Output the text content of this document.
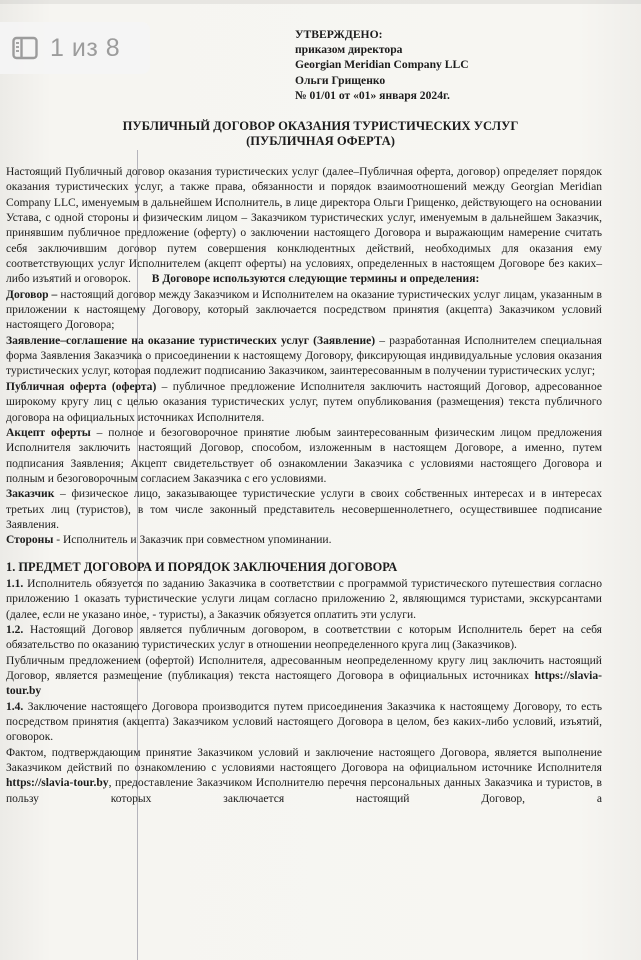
УТВЕРЖДЕНО:
приказом директора
Georgian Meridian Company LLC
Ольги Грищенко
№ 01/01 от «01» января 2024г.
ПУБЛИЧНЫЙ ДОГОВОР ОКАЗАНИЯ ТУРИСТИЧЕСКИХ УСЛУГ
(ПУБЛИЧНАЯ ОФЕРТА)

Настоящий Публичный договор оказания туристических услуг (далее–Публичная оферта, договор) определяет порядок оказания туристических услуг, а также права, обязанности и порядок взаимоотношений между Georgian Meridian Company LLC, именуемым в дальнейшем Исполнитель, в лице директора Ольги Грищенко, действующего на основании Устава, с одной стороны и физическим лицом – Заказчиком туристических услуг, именуемым в дальнейшем Заказчик, принявшим публичное предложение (оферту) о заключении настоящего Договора и выражающим намерение считать себя заключившим договор путем совершения конклюдентных действий, необходимых для оказания ему соответствующих услуг Исполнителем (акцепт оферты) на условиях, определенных в настоящем Договоре без каких–либо изъятий и оговорок. В Договоре используются следующие термины и определения:

Договор – настоящий договор между Заказчиком и Исполнителем на оказание туристических услуг лицам, указанным в приложении к настоящему Договору, который заключается посредством принятия (акцепта) Заказчиком условий настоящего Договора;

Заявление–соглашение на оказание туристических услуг (Заявление) – разработанная Исполнителем специальная форма Заявления Заказчика о присоединении к настоящему Договору, фиксирующая индивидуальные условия оказания туристических услуг, которая подлежит подписанию Заказчиком, заинтересованным в получении туристических услуг;

Публичная оферта (оферта) – публичное предложение Исполнителя заключить настоящий Договор, адресованное широкому кругу лиц с целью оказания туристических услуг, путем опубликования (размещения) текста публичного договора на официальных источниках Исполнителя.

Акцепт оферты – полное и безоговорочное принятие любым заинтересованным физическим лицом предложения Исполнителя заключить настоящий Договор, способом, изложенным в настоящем Договоре, а именно, путем подписания Заявления; Акцепт свидетельствует об ознакомлении Заказчика с условиями настоящего Договора и полным и безоговорочным согласием Заказчика с его условиями.

Заказчик – физическое лицо, заказывающее туристические услуги в своих собственных интересах и в интересах третьих лиц (туристов), в том числе законный представитель несовершеннолетнего, осуществившее подписание Заявления.

Стороны - Исполнитель и Заказчик при совместном упоминании.

1. ПРЕДМЕТ ДОГОВОРА И ПОРЯДОК ЗАКЛЮЧЕНИЯ ДОГОВОРА

1.1. Исполнитель обязуется по заданию Заказчика в соответствии с программой туристического путешествия согласно приложению 1 оказать туристические услуги лицам согласно приложению 2, являющимся туристами, экскурсантами (далее, если не указано иное, - туристы), а Заказчик обязуется оплатить эти услуги.

1.2. Настоящий Договор является публичным договором, в соответствии с которым Исполнитель берет на себя обязательство по оказанию туристических услуг в отношении неопределенного круга лиц (Заказчиков).

Публичным предложением (офертой) Исполнителя, адресованным неопределенному кругу лиц заключить настоящий Договор, является размещение (публикация) текста настоящего Договора в официальных источниках https://slavia-tour.by

1.4. Заключение настоящего Договора производится путем присоединения Заказчика к настоящему Договору, то есть посредством принятия (акцепта) Заказчиком условий настоящего Договора в целом, без каких-либо условий, изъятий, оговорок.

Фактом, подтверждающим принятие Заказчиком условий и заключение настоящего Договора, является выполнение Заказчиком действий по ознакомлению с условиями настоящего Договора на официальном источнике Исполнителя https://slavia-tour.by, предоставление Заказчиком Исполнителю перечня персональных данных Заказчика и туристов, в пользу которых заключается настоящий Договор, а

1 из 8
